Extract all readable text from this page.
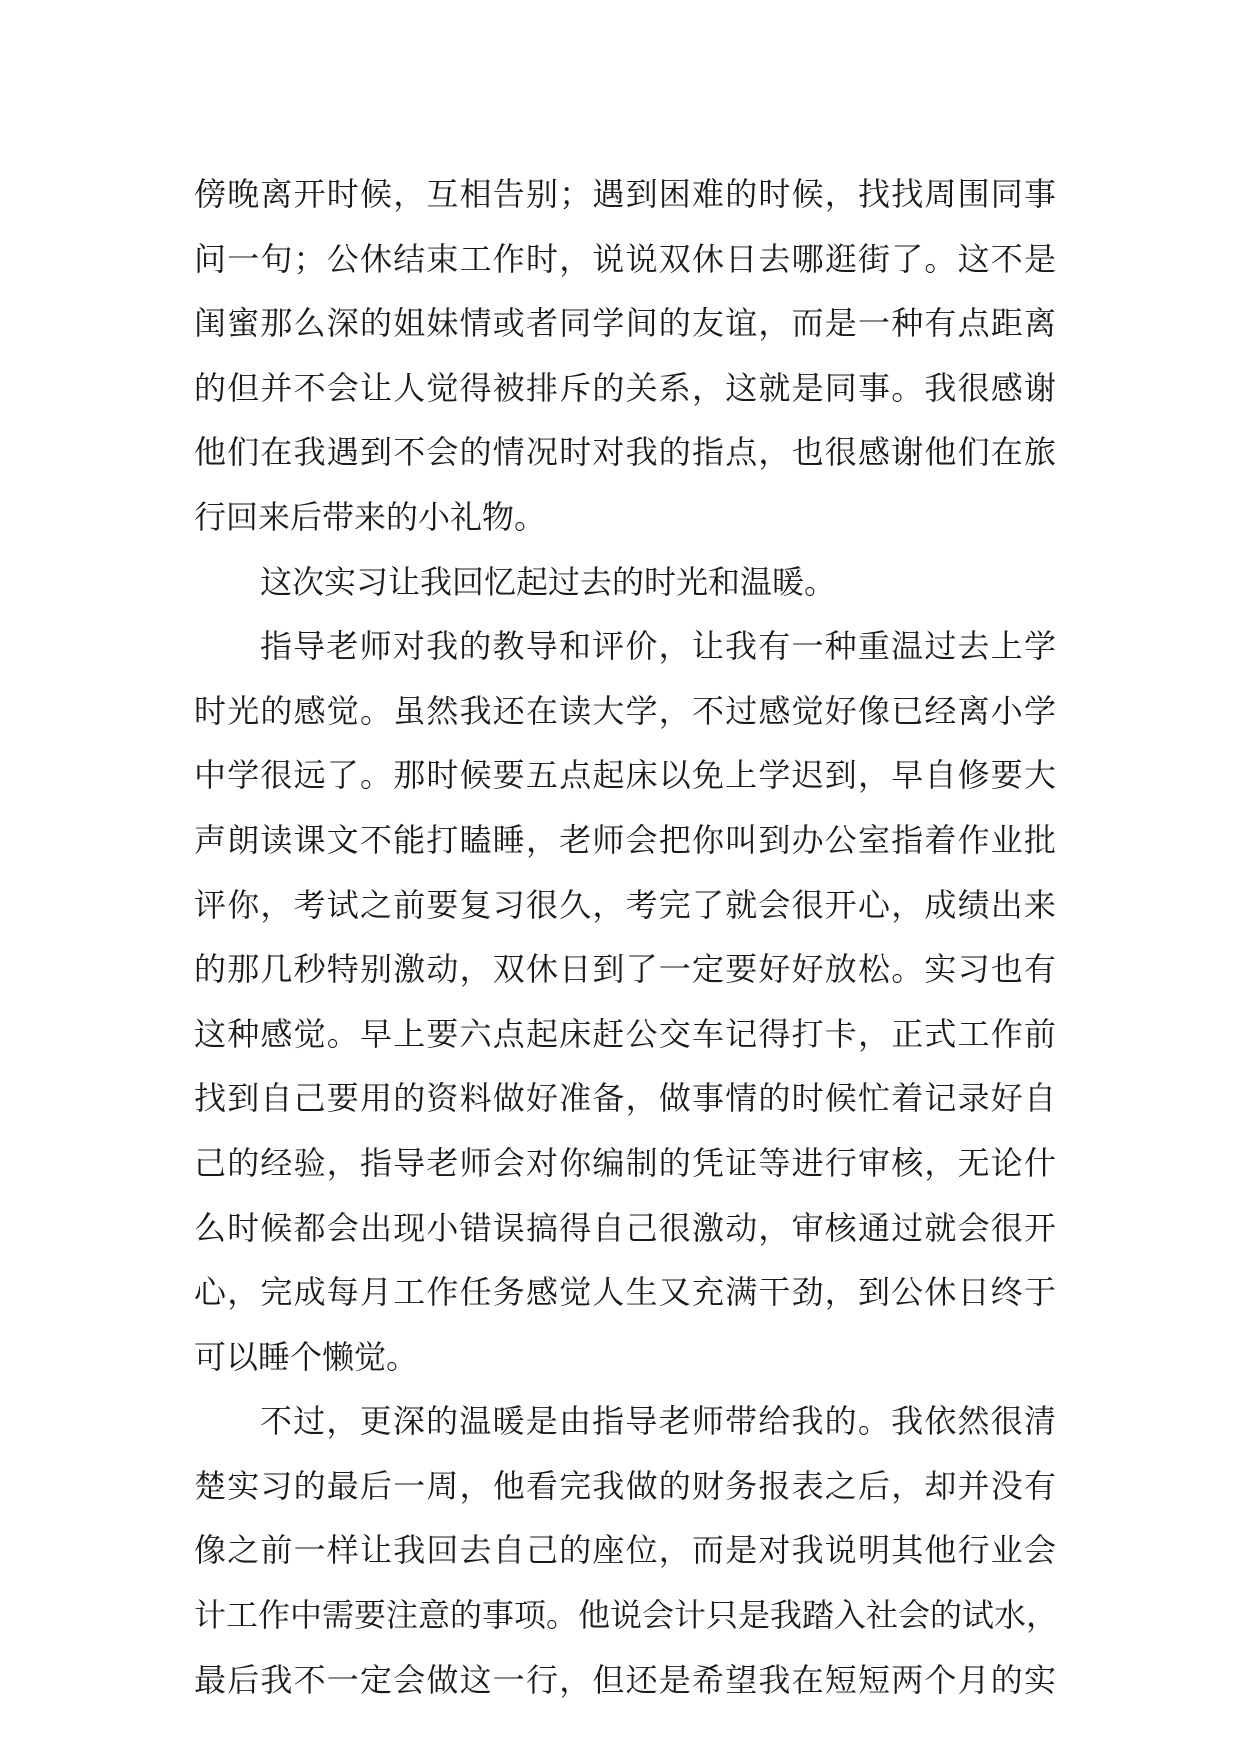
傍晚离开时候，互相告别；遇到困难的时候，找找周围同事
问一句；公休结束工作时，说说双休日去哪逛街了。这不是
闺蜜那么深的姐妹情或者同学间的友谊，而是一种有点距离
的但并不会让人觉得被排斥的关系，这就是同事。我很感谢
他们在我遇到不会的情况时对我的指点，也很感谢他们在旅
行回来后带来的小礼物。
这次实习让我回忆起过去的时光和温暖。
指导老师对我的教导和评价，让我有一种重温过去上学
时光的感觉。虽然我还在读大学，不过感觉好像已经离小学
中学很远了。那时候要五点起床以免上学迟到，早自修要大
声朗读课文不能打瞌睡，老师会把你叫到办公室指着作业批
评你，考试之前要复习很久，考完了就会很开心，成绩出来
的那几秒特别激动，双休日到了一定要好好放松。实习也有
这种感觉。早上要六点起床赶公交车记得打卡，正式工作前
找到自己要用的资料做好准备，做事情的时候忙着记录好自
己的经验，指导老师会对你编制的凭证等进行审核，无论什
么时候都会出现小错误搞得自己很激动，审核通过就会很开
心，完成每月工作任务感觉人生又充满干劲，到公休日终于
可以睡个懒觉。
不过，更深的温暖是由指导老师带给我的。我依然很清
楚实习的最后一周，他看完我做的财务报表之后，却并没有
像之前一样让我回去自己的座位，而是对我说明其他行业会
计工作中需要注意的事项。他说会计只是我踏入社会的试水，
最后我不一定会做这一行，但还是希望我在短短两个月的实
